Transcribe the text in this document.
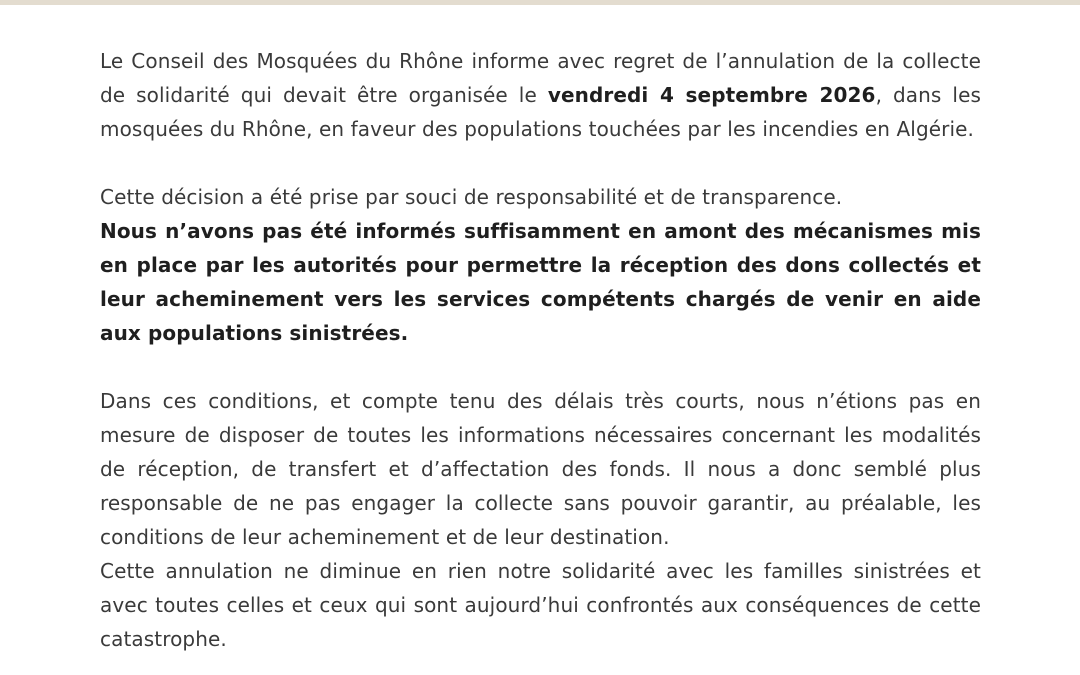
Le Conseil des Mosquées du Rhône informe avec regret de l’annulation de la collecte de solidarité qui devait être organisée le vendredi 4 septembre 2026, dans les mosquées du Rhône, en faveur des populations touchées par les incendies en Algérie.

Cette décision a été prise par souci de responsabilité et de transparence.

Nous n’avons pas été informés suffisamment en amont des mécanismes mis en place par les autorités pour permettre la réception des dons collectés et leur acheminement vers les services compétents chargés de venir en aide aux populations sinistrées.

Dans ces conditions, et compte tenu des délais très courts, nous n’étions pas en mesure de disposer de toutes les informations nécessaires concernant les modalités de réception, de transfert et d’affectation des fonds. Il nous a donc semblé plus responsable de ne pas engager la collecte sans pouvoir garantir, au préalable, les conditions de leur acheminement et de leur destination.

Cette annulation ne diminue en rien notre solidarité avec les familles sinistrées et avec toutes celles et ceux qui sont aujourd’hui confrontés aux conséquences de cette catastrophe.
